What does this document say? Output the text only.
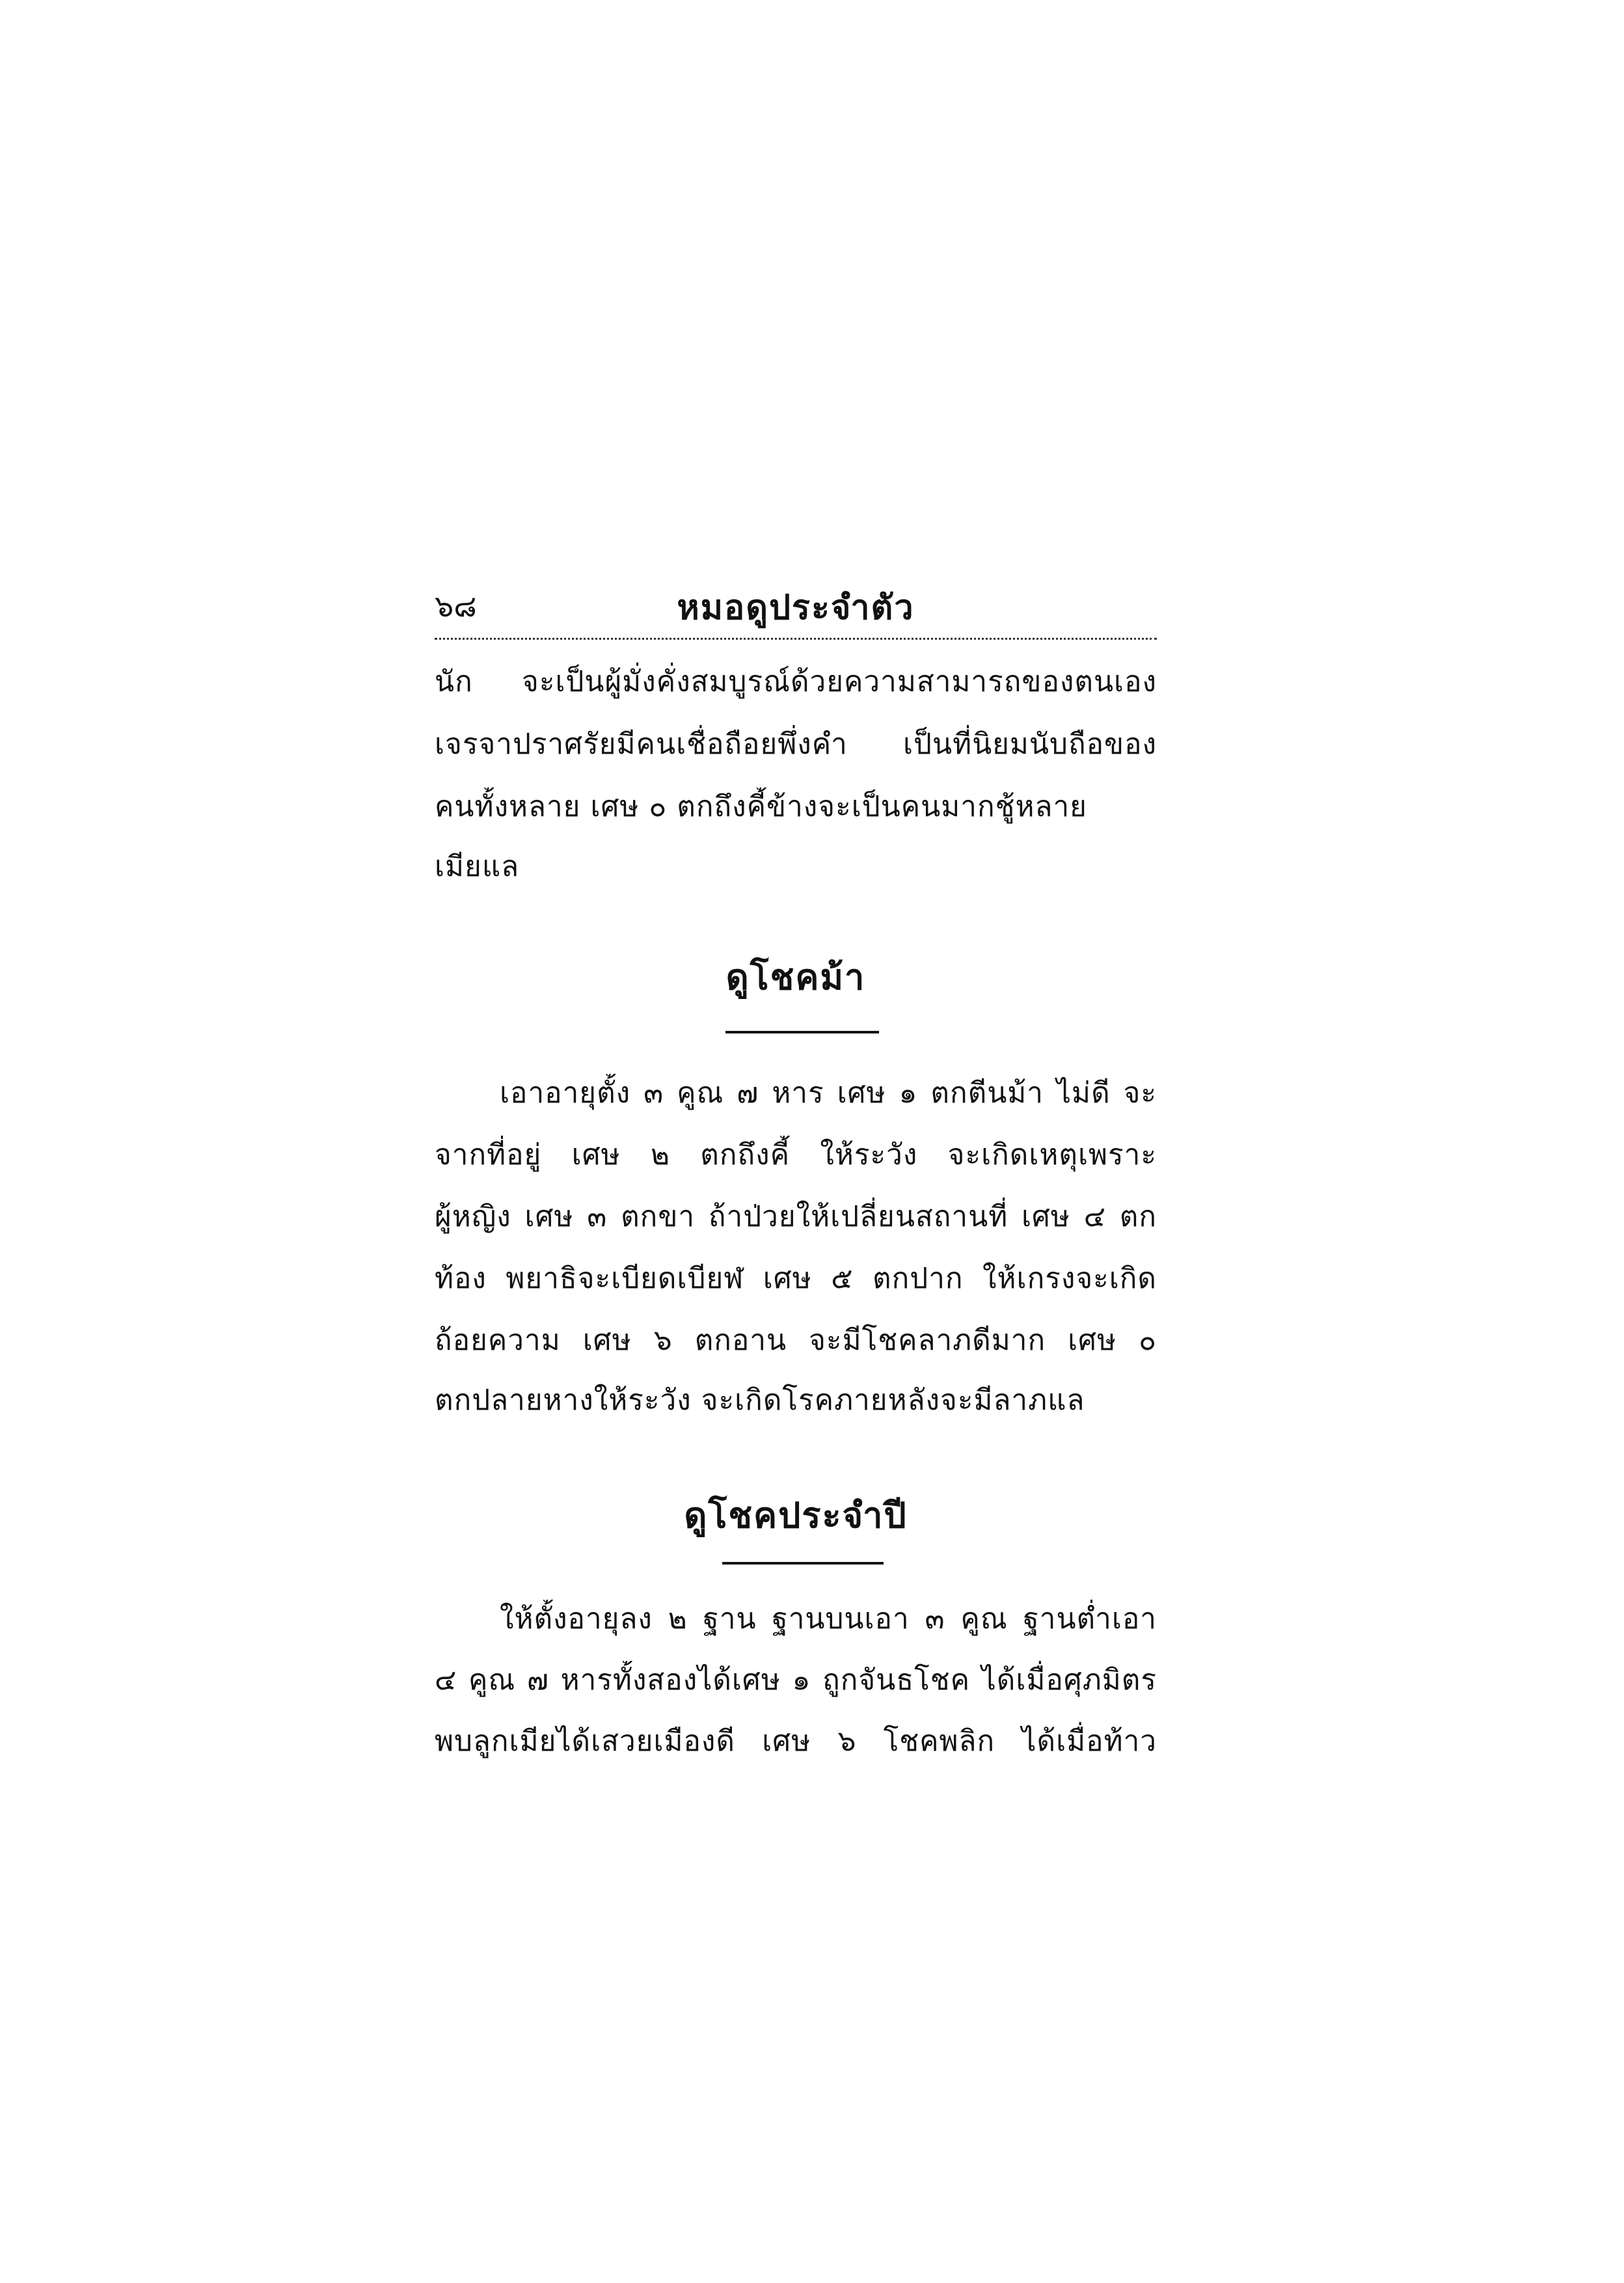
๖๘	หมอดูประจำตัว
นัก จะเป็นผู้มั่งคั่งสมบูรณ์ด้วยความสามารถของตนเอง
เจรจาปราศรัยมีคนเชื่อถือยพึ่งคำ เป็นที่นิยมนับถือของ
คนทั้งหลาย เศษ ๐ ตกถึงคี้ข้างจะเป็นคนมากชู้หลาย
เมียแล
ดูโชคม้า
เอาอายุตั้ง ๓ คูณ ๗ หาร เศษ ๑ ตกตีนม้า ไม่ดี จะ
จากที่อยู่ เศษ ๒ ตกถึงคี้ ให้ระวัง จะเกิดเหตุเพราะ
ผู้หญิง เศษ ๓ ตกขา ถ้าป่วยให้เปลี่ยนสถานที่ เศษ ๔ ตก
ท้อง พยาธิจะเบียดเบียฬ เศษ ๕ ตกปาก ให้เกรงจะเกิด
ถ้อยความ เศษ ๖ ตกอาน จะมีโชคลาภดีมาก เศษ ๐
ตกปลายหางให้ระวัง จะเกิดโรคภายหลังจะมีลาภแล
ดูโชคประจำปี
ให้ตั้งอายุลง ๒ ฐาน ฐานบนเอา ๓ คูณ ฐานต่ำเอา
๔ คูณ ๗ หารทั้งสองได้เศษ ๑ ถูกจันธโชค ได้เมื่อศุภมิตร
พบลูกเมียได้เสวยเมืองดี เศษ ๖ โชคพลิก ได้เมื่อท้าว
